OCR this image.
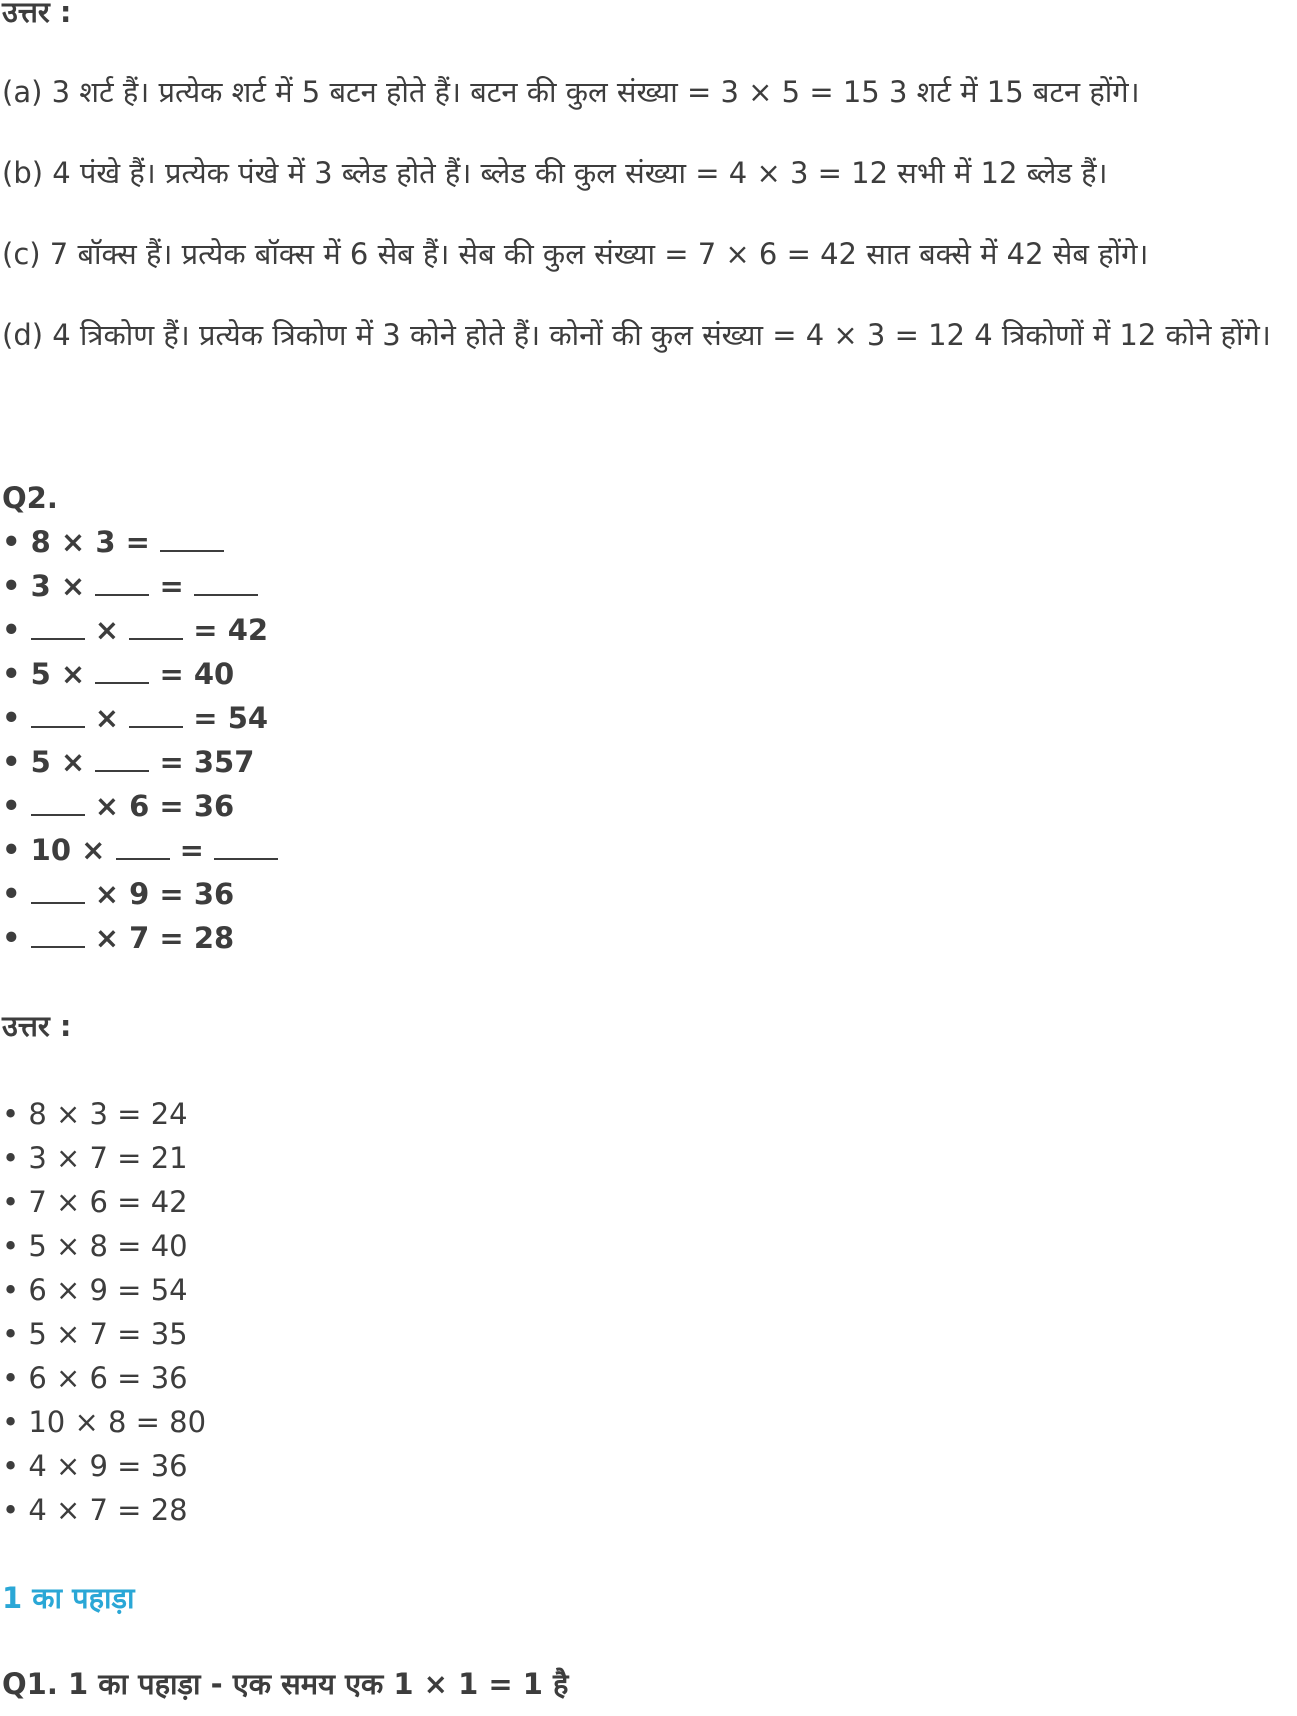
उत्तर :
(a) 3 शर्ट हैं। प्रत्येक शर्ट में 5 बटन होते हैं। बटन की कुल संख्या = 3 × 5 = 15 3 शर्ट में 15 बटन होंगे।
(b) 4 पंखे हैं। प्रत्येक पंखे में 3 ब्लेड होते हैं। ब्लेड की कुल संख्या = 4 × 3 = 12 सभी में 12 ब्लेड हैं।
(c) 7 बॉक्स हैं। प्रत्येक बॉक्स में 6 सेब हैं। सेब की कुल संख्या = 7 × 6 = 42 सात बक्से में 42 सेब होंगे।
(d) 4 त्रिकोण हैं। प्रत्येक त्रिकोण में 3 कोने होते हैं। कोनों की कुल संख्या = 4 × 3 = 12 4 त्रिकोणों में 12 कोने होंगे।
Q2.
• 8 × 3 =
• 3 ×	=
•	×	= 42
• 5 ×	= 40
•	×	= 54
• 5 ×	= 357
•	× 6 = 36
• 10 ×	=
•	× 9 = 36
•	× 7 = 28
उत्तर :
• 8 × 3 = 24
• 3 × 7 = 21
• 7 × 6 = 42
• 5 × 8 = 40
• 6 × 9 = 54
• 5 × 7 = 35
• 6 × 6 = 36
• 10 × 8 = 80
• 4 × 9 = 36
• 4 × 7 = 28
1 का पहाड़ा
Q1. 1 का पहाड़ा - एक समय एक 1 × 1 = 1 है
